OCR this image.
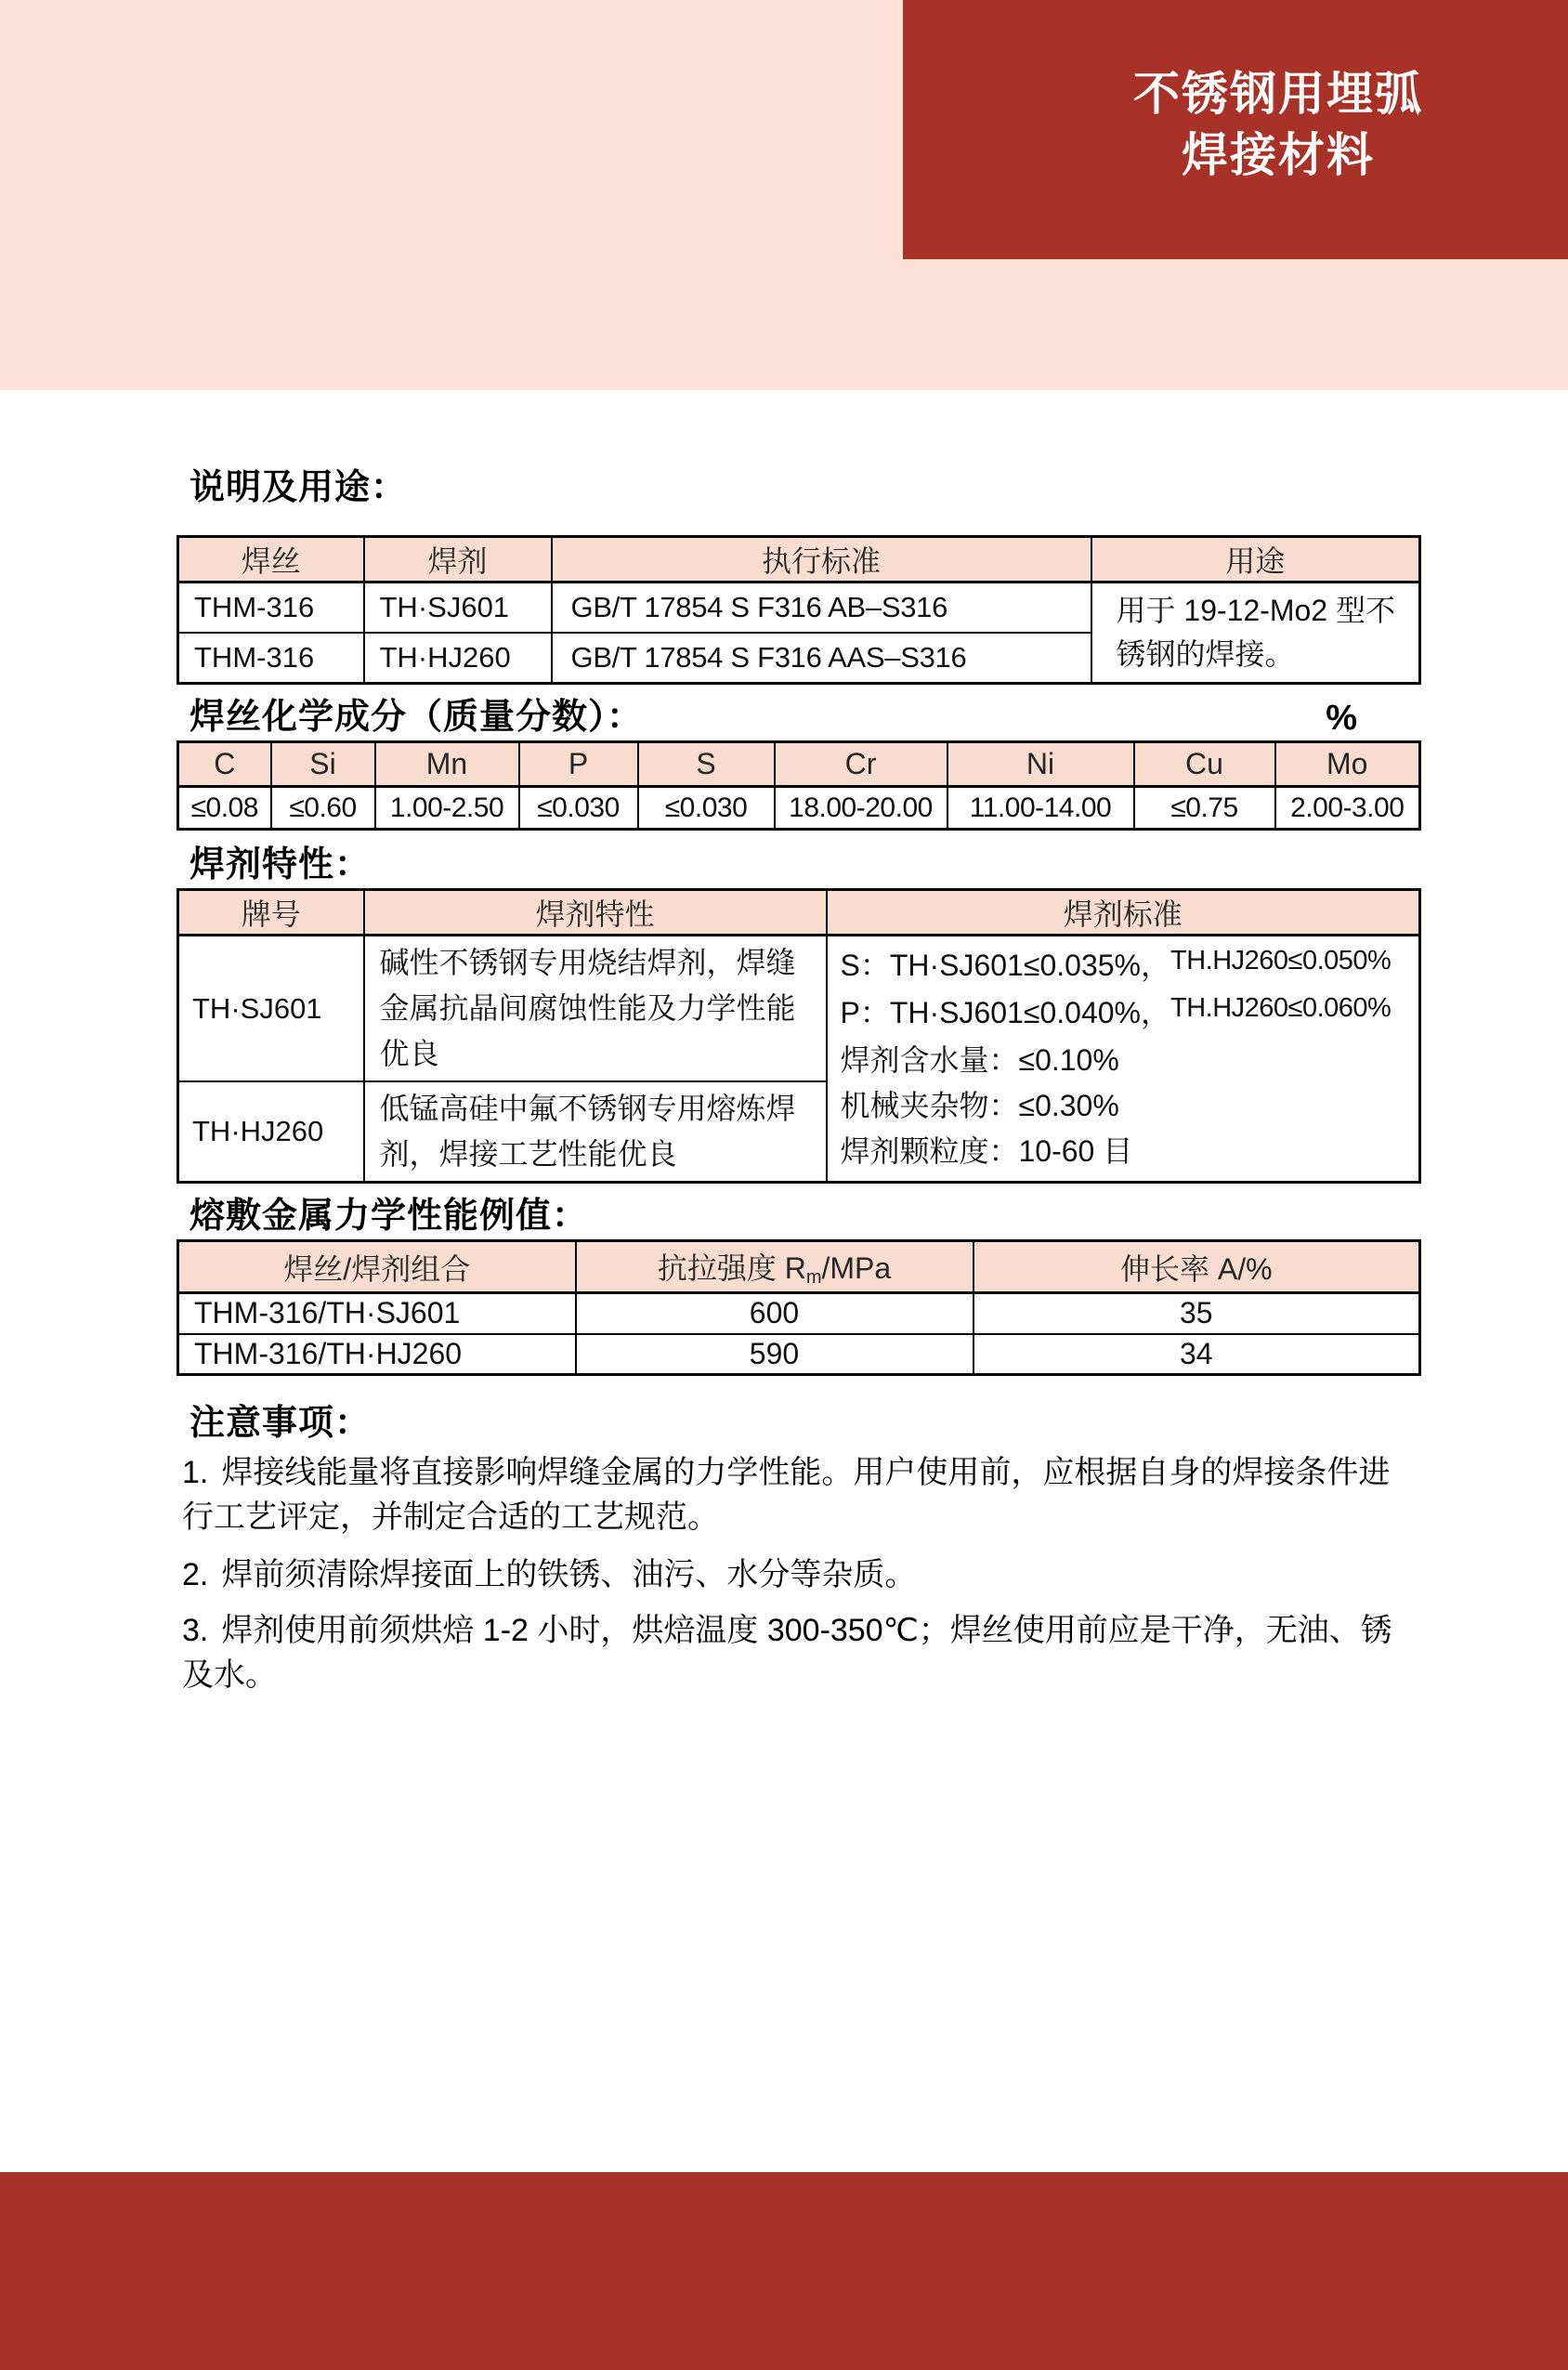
不锈钢用埋弧
焊接材料
说明及用途：
焊丝	焊剂	执行标准	用途
THM-316	TH·SJ601	GB/T 17854 S F316 AB–S316	用于 19-12-Mo2 型不锈钢的焊接。
THM-316	TH·HJ260	GB/T 17854 S F316 AAS–S316	
焊丝化学成分（质量分数）：	%
C	Si	Mn	P	S	Cr	Ni	Cu	Mo
≤0.08	≤0.60	1.00-2.50	≤0.030	≤0.030	18.00-20.00	11.00-14.00	≤0.75	2.00-3.00
焊剂特性：
牌号	焊剂特性	焊剂标准
TH·SJ601	碱性不锈钢专用烧结焊剂，焊缝金属抗晶间腐蚀性能及力学性能优良	S：TH·SJ601≤0.035%，TH.HJ260≤0.050%
P：TH·SJ601≤0.040%，TH.HJ260≤0.060%
焊剂含水量：≤0.10%
机械夹杂物：≤0.30%
焊剂颗粒度：10-60 目

TH·HJ260	低锰高硅中氟不锈钢专用熔炼焊剂，焊接工艺性能优良	
熔敷金属力学性能例值：
焊丝/焊剂组合	抗拉强度 Rm/MPa	伸长率 A/%
THM-316/TH·SJ601	600	35
THM-316/TH·HJ260	590	34
注意事项：

1. 焊接线能量将直接影响焊缝金属的力学性能。用户使用前，应根据自身的焊接条件进行工艺评定，并制定合适的工艺规范。

2. 焊前须清除焊接面上的铁锈、油污、水分等杂质。

3. 焊剂使用前须烘焙 1-2 小时，烘焙温度 300-350℃；焊丝使用前应是干净，无油、锈及水。
